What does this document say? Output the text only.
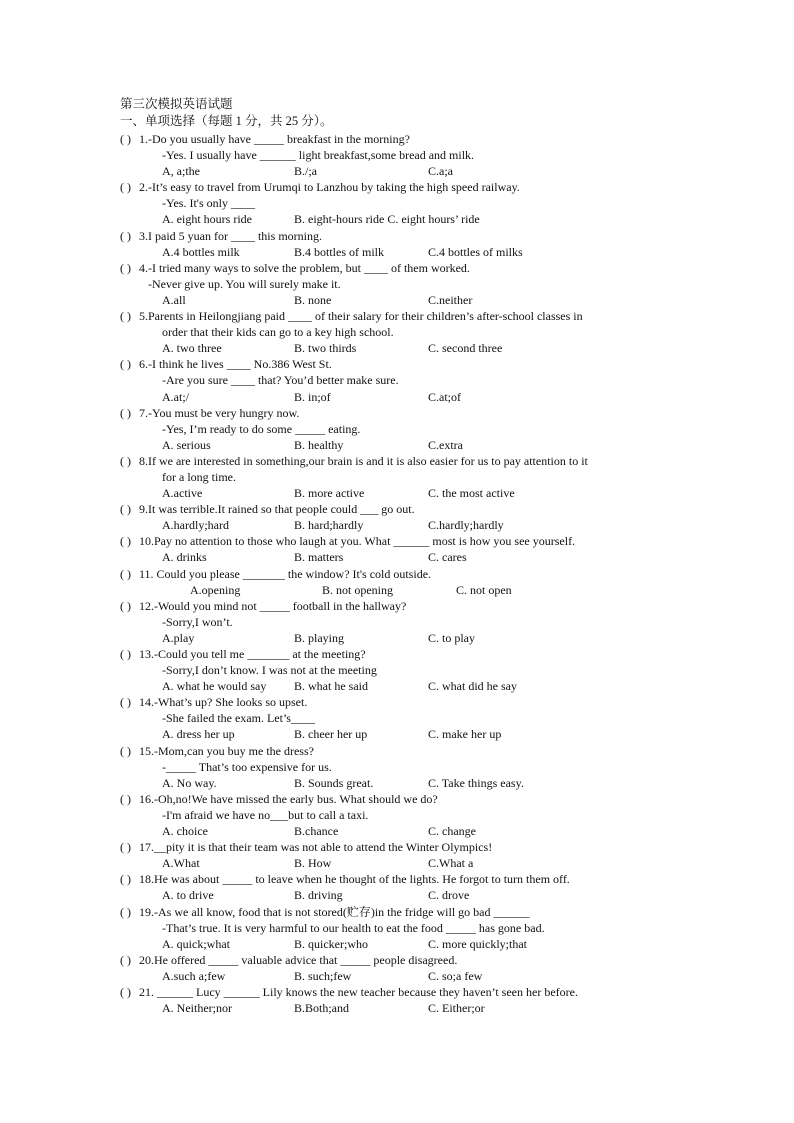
第三次模拟英语试题
一、单项选择（每题 1 分，共 25 分）。
( ) 1.-Do you usually have _____ breakfast in the morning?
-Yes. I usually have ______ light breakfast,some bread and milk.
A, a;the	B./;a	C.a;a
( ) 2.-It’s easy to travel from Urumqi to Lanzhou by taking the high speed railway.
-Yes. It's only ____
A. eight hours ride	B. eight-hours ride C. eight hours’ ride
( ) 3.I paid 5 yuan for ____ this morning.
A.4 bottles milk	B.4 bottles of milk	C.4 bottles of milks
( ) 4.-I tried many ways to solve the problem, but ____ of them worked.
-Never give up. You will surely make it.
A.all	B. none	C.neither
( ) 5.Parents in Heilongjiang paid ____ of their salary for their children’s after-school classes in
order that their kids can go to a key high school.
A. two three	B. two thirds	C. second three
( ) 6.-I think he lives ____ No.386 West St.
-Are you sure ____ that? You’d better make sure.
A.at;/	B. in;of	C.at;of
( ) 7.-You must be very hungry now.
-Yes, I’m ready to do some _____ eating.
A. serious	B. healthy	C.extra
( ) 8.If we are interested in something,our brain is and it is also easier for us to pay attention to it
for a long time.
A.active	B. more active	C. the most active
( ) 9.It was terrible.It rained so that people could ___ go out.
A.hardly;hard	B. hard;hardly	C.hardly;hardly
( ) 10.Pay no attention to those who laugh at you. What ______ most is how you see yourself.
A. drinks	B. matters	C. cares
( ) 11. Could you please _______ the window? It's cold outside.
A.opening	B. not opening	C. not open
( ) 12.-Would you mind not _____ football in the hallway?
-Sorry,I won’t.
A.play	B. playing	C. to play
( ) 13.-Could you tell me _______ at the meeting?
-Sorry,I don’t know. I was not at the meeting
A. what he would say B. what he said	C. what did he say
( ) 14.-What’s up? She looks so upset.
-She failed the exam. Let’s____
A. dress her up	B. cheer her up	C. make her up
( ) 15.-Mom,can you buy me the dress?
-_____ That’s too expensive for us.
A. No way.	B. Sounds great.	C. Take things easy.
( ) 16.-Oh,no!We have missed the early bus. What should we do?
-I'm afraid we have no___but to call a taxi.
A. choice	B.chance	C. change
( ) 17.__pity it is that their team was not able to attend the Winter Olympics!
A.What	B. How	C.What a
( ) 18.He was about _____ to leave when he thought of the lights. He forgot to turn them off.
A. to drive	B. driving	C. drove
( ) 19.-As we all know, food that is not stored(贮存)in the fridge will go bad ______
-That’s true. It is very harmful to our health to eat the food _____ has gone bad.
A. quick;what	B. quicker;who	C. more quickly;that
( ) 20.He offered _____ valuable advice that _____ people disagreed.
A.such a;few	B. such;few	C. so;a few
( ) 21. ______ Lucy ______ Lily knows the new teacher because they haven’t seen her before.
A. Neither;nor	B.Both;and	C. Either;or
